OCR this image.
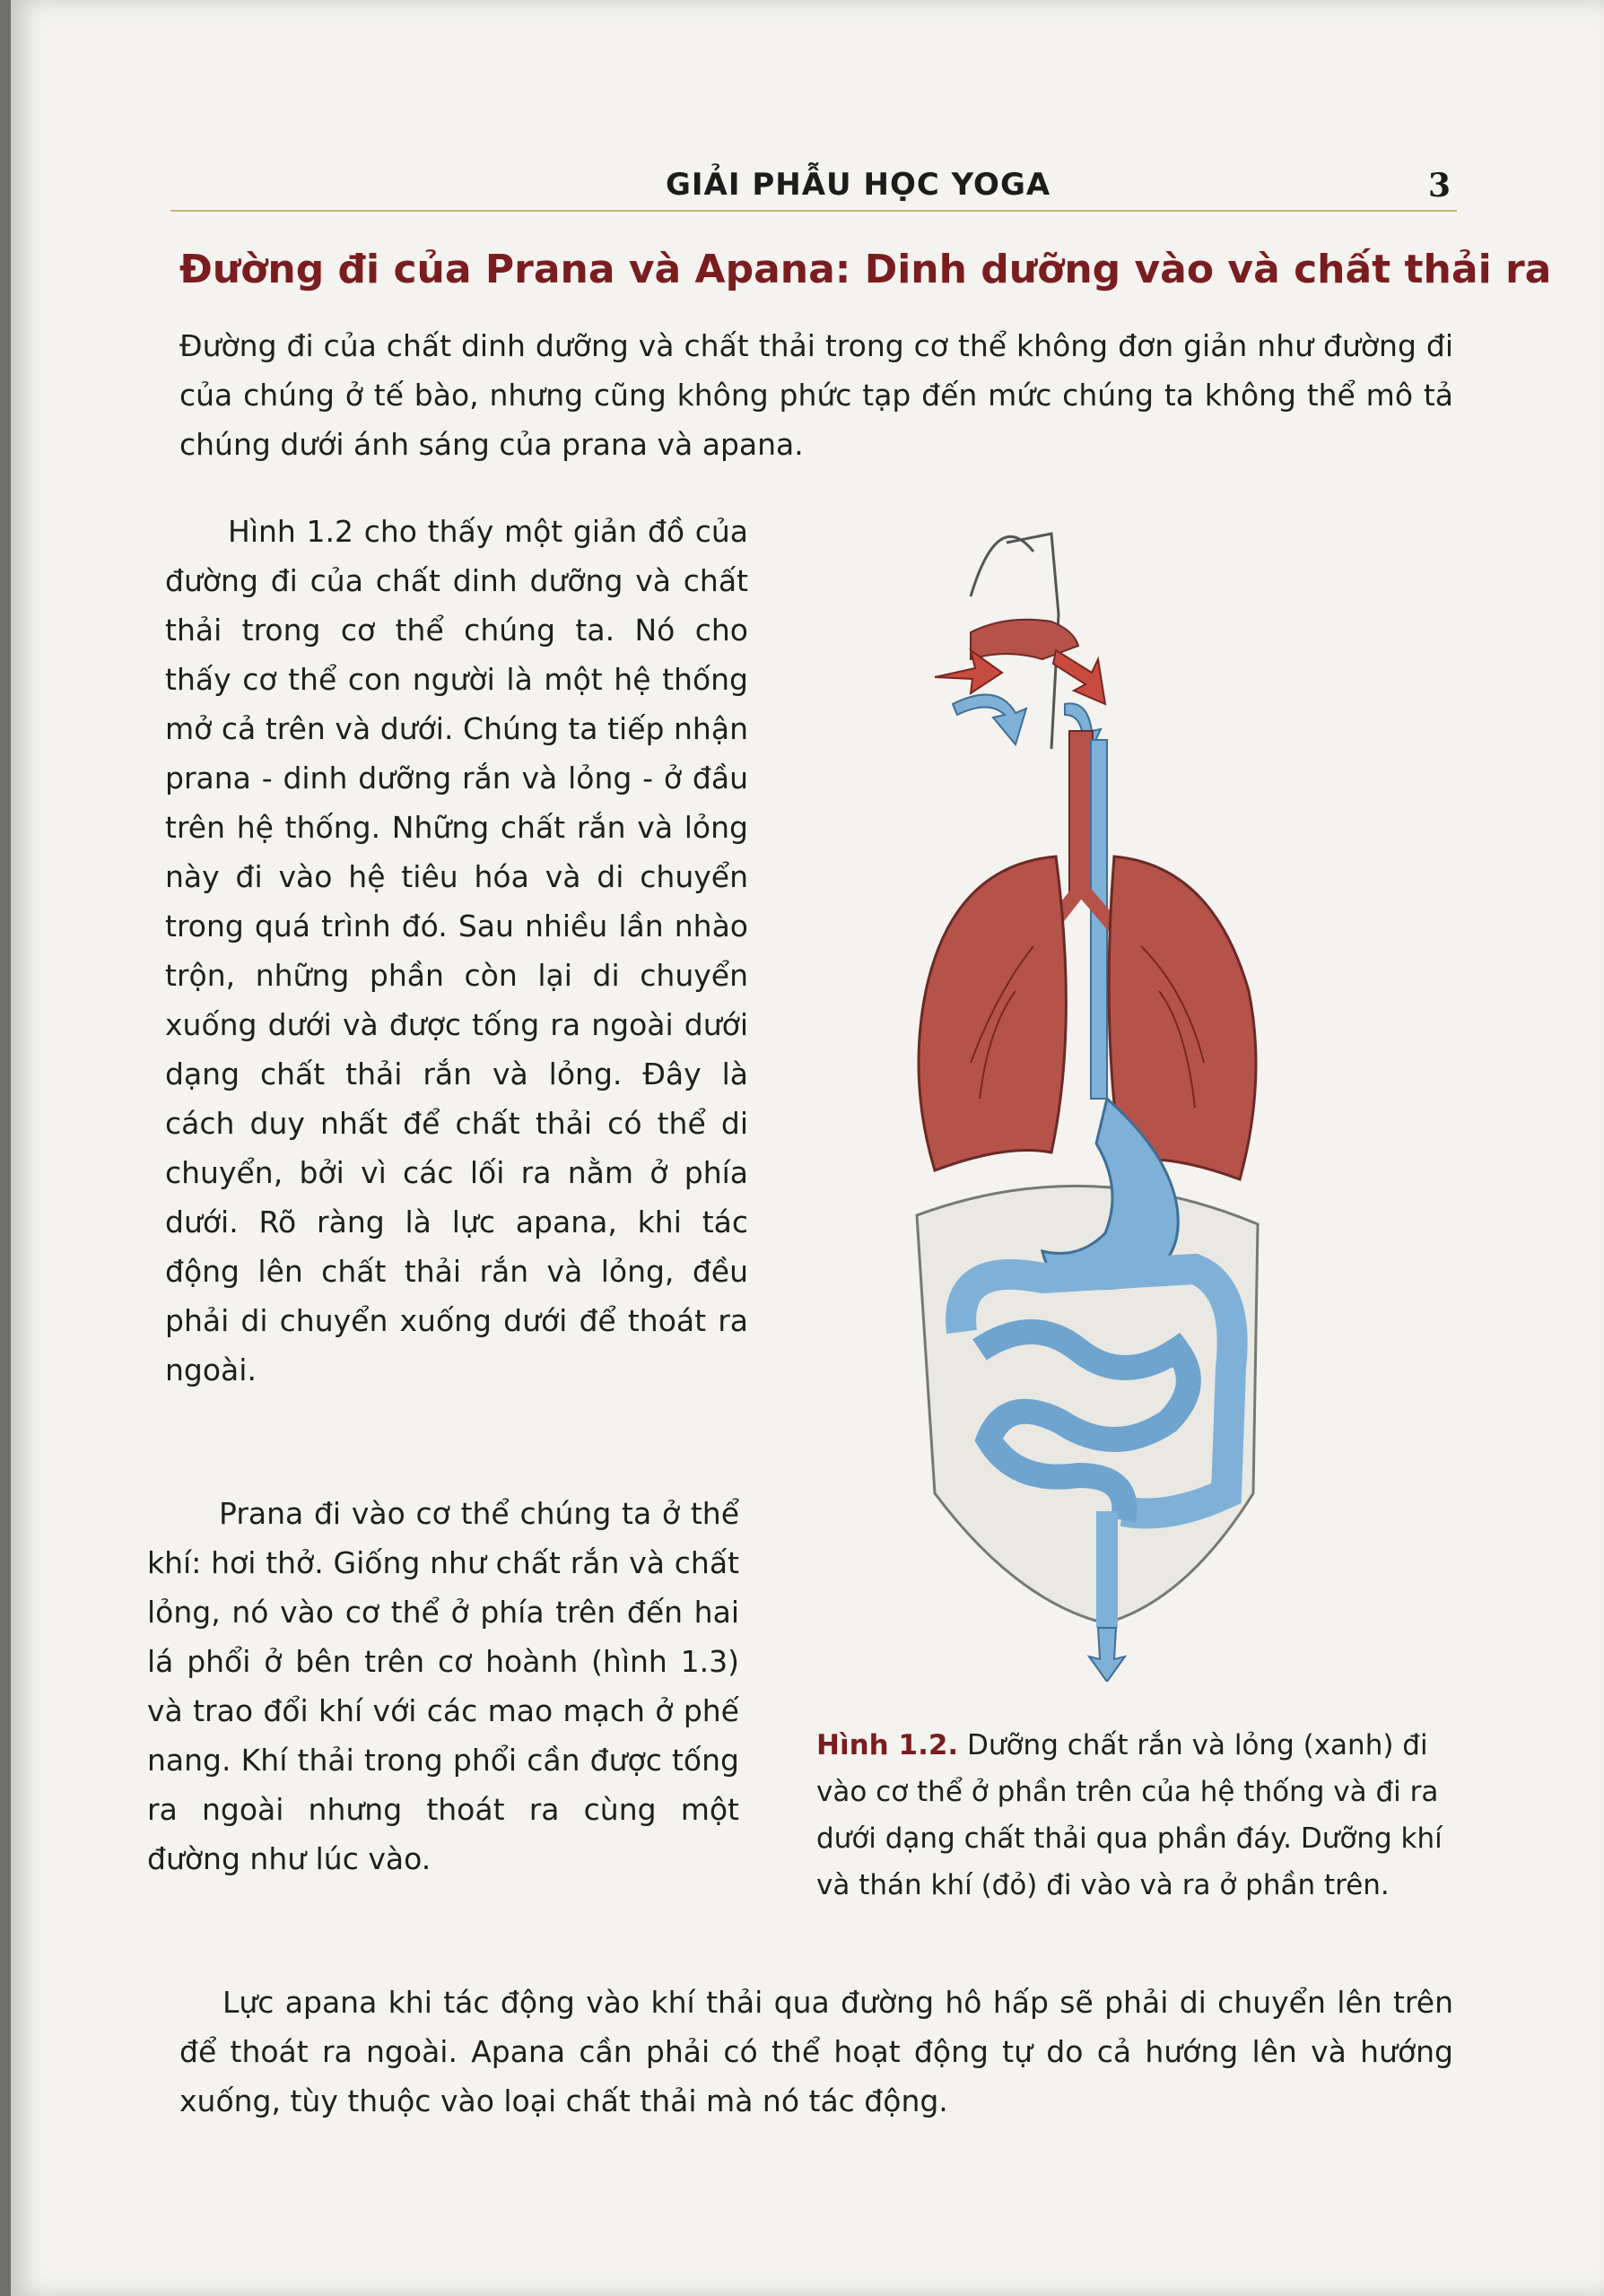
GIẢI PHẪU HỌC YOGA	3
Đường đi của Prana và Apana: Dinh dưỡng vào và chất thải ra

Đường đi của chất dinh dưỡng và chất thải trong cơ thể không đơn giản như đường đi của chúng ở tế bào, nhưng cũng không phức tạp đến mức chúng ta không thể mô tả chúng dưới ánh sáng của prana và apana.

Hình 1.2 cho thấy một giản đồ của đường đi của chất dinh dưỡng và chất thải trong cơ thể chúng ta. Nó cho thấy cơ thể con người là một hệ thống mở cả trên và dưới. Chúng ta tiếp nhận prana - dinh dưỡng rắn và lỏng - ở đầu trên hệ thống. Những chất rắn và lỏng này đi vào hệ tiêu hóa và di chuyển trong quá trình đó. Sau nhiều lần nhào trộn, những phần còn lại di chuyển xuống dưới và được tống ra ngoài dưới dạng chất thải rắn và lỏng. Đây là cách duy nhất để chất thải có thể di chuyển, bởi vì các lối ra nằm ở phía dưới. Rõ ràng là lực apana, khi tác động lên chất thải rắn và lỏng, đều phải di chuyển xuống dưới để thoát ra ngoài.

Prana đi vào cơ thể chúng ta ở thể khí: hơi thở. Giống như chất rắn và chất lỏng, nó vào cơ thể ở phía trên đến hai lá phổi ở bên trên cơ hoành (hình 1.3) và trao đổi khí với các mao mạch ở phế nang. Khí thải trong phổi cần được tống ra ngoài nhưng thoát ra cùng một đường như lúc vào.

Lực apana khi tác động vào khí thải qua đường hô hấp sẽ phải di chuyển lên trên để thoát ra ngoài. Apana cần phải có thể hoạt động tự do cả hướng lên và hướng xuống, tùy thuộc vào loại chất thải mà nó tác động.

Hình 1.2. Dưỡng chất rắn và lỏng (xanh) đi vào cơ thể ở phần trên của hệ thống và đi ra dưới dạng chất thải qua phần đáy. Dưỡng khí và thán khí (đỏ) đi vào và ra ở phần trên.
